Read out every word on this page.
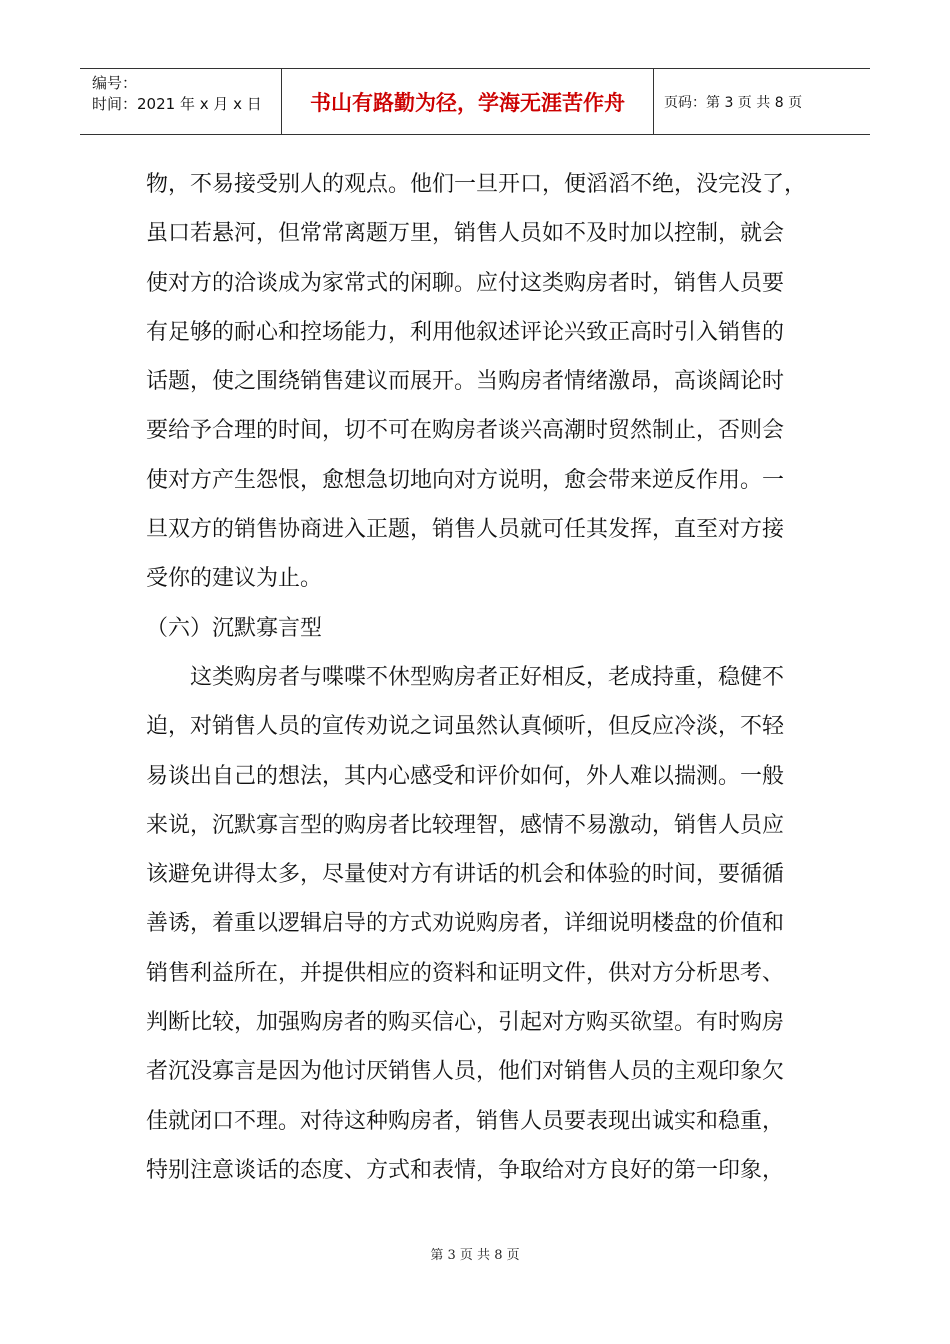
编号：
时间：2021 年 x 月 x 日	书山有路勤为径，学海无涯苦作舟	页码：第 3 页 共 8 页
物，不易接受别人的观点。他们一旦开口，便滔滔不绝，没完没了，
虽口若悬河，但常常离题万里，销售人员如不及时加以控制，就会
使对方的洽谈成为家常式的闲聊。应付这类购房者时，销售人员要
有足够的耐心和控场能力，利用他叙述评论兴致正高时引入销售的
话题，使之围绕销售建议而展开。当购房者情绪激昂，高谈阔论时
要给予合理的时间，切不可在购房者谈兴高潮时贸然制止，否则会
使对方产生怨恨，愈想急切地向对方说明，愈会带来逆反作用。一
旦双方的销售协商进入正题，销售人员就可任其发挥，直至对方接
受你的建议为止。
（六）沉默寡言型
　　这类购房者与喋喋不休型购房者正好相反，老成持重，稳健不
迫，对销售人员的宣传劝说之词虽然认真倾听，但反应冷淡，不轻
易谈出自己的想法，其内心感受和评价如何，外人难以揣测。一般
来说，沉默寡言型的购房者比较理智，感情不易激动，销售人员应
该避免讲得太多，尽量使对方有讲话的机会和体验的时间，要循循
善诱，着重以逻辑启导的方式劝说购房者，详细说明楼盘的价值和
销售利益所在，并提供相应的资料和证明文件，供对方分析思考、
判断比较，加强购房者的购买信心，引起对方购买欲望。有时购房
者沉没寡言是因为他讨厌销售人员，他们对销售人员的主观印象欠
佳就闭口不理。对待这种购房者，销售人员要表现出诚实和稳重，
特别注意谈话的态度、方式和表情，争取给对方良好的第一印象，
第 3 页 共 8 页
